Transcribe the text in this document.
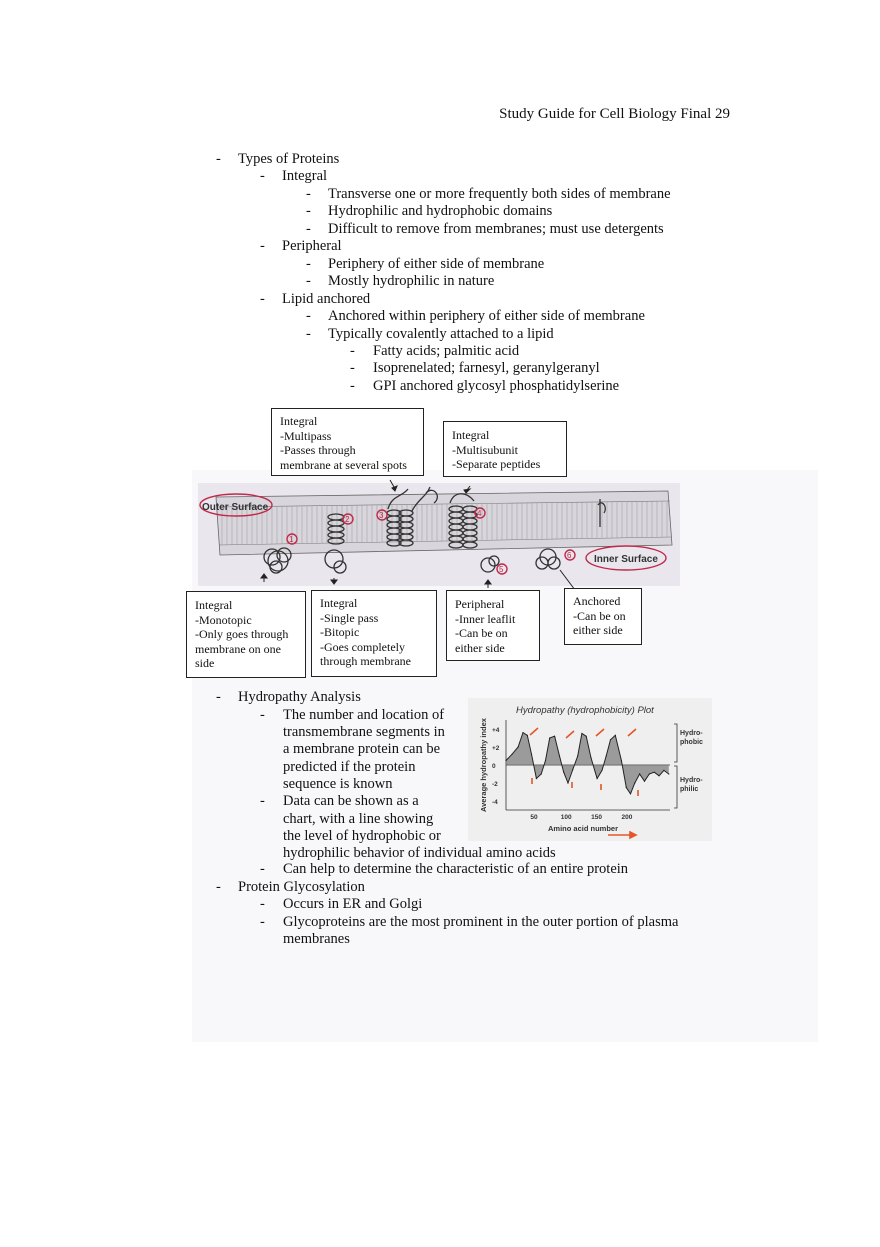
Study Guide for Cell Biology Final 29
- Types of Proteins
- Integral
- Transverse one or more frequently both sides of membrane
- Hydrophilic and hydrophobic domains
- Difficult to remove from membranes; must use detergents
- Peripheral
- Periphery of either side of membrane
- Mostly hydrophilic in nature
- Lipid anchored
- Anchored within periphery of either side of membrane
- Typically covalently attached to a lipid
- Fatty acids; palmitic acid
- Isoprenelated; farnesyl, geranylgeranyl
- GPI anchored glycosyl phosphatidylserine
Outer Surface
Inner Surface
1
2	3	4
5
6
Integral
-Multipass
-Passes through
membrane at several spots
Integral
-Multisubunit
-Separate peptides
Integral
-Monotopic
-Only goes through
membrane on one
side
Integral
-Single pass
-Bitopic
-Goes completely
through membrane
Peripheral
-Inner leaflit
-Can be on
either side
Anchored
-Can be on
either side
- Hydropathy Analysis
- The number and location of
transmembrane segments in
a membrane protein can be
predicted if the protein
sequence is known
- Data can be shown as a
chart, with a line showing
the level of hydrophobic or
hydrophilic behavior of individual amino acids
- Can help to determine the characteristic of an entire protein
Hydropathy (hydrophobicity) Plot
Average hydropathy index
Amino acid number
Hydro-
phobic
Hydro-
philic
+4
+2
0
-2
-4
50	100	150	200
- Protein Glycosylation
- Occurs in ER and Golgi
- Glycoproteins are the most prominent in the outer portion of plasma
membranes
